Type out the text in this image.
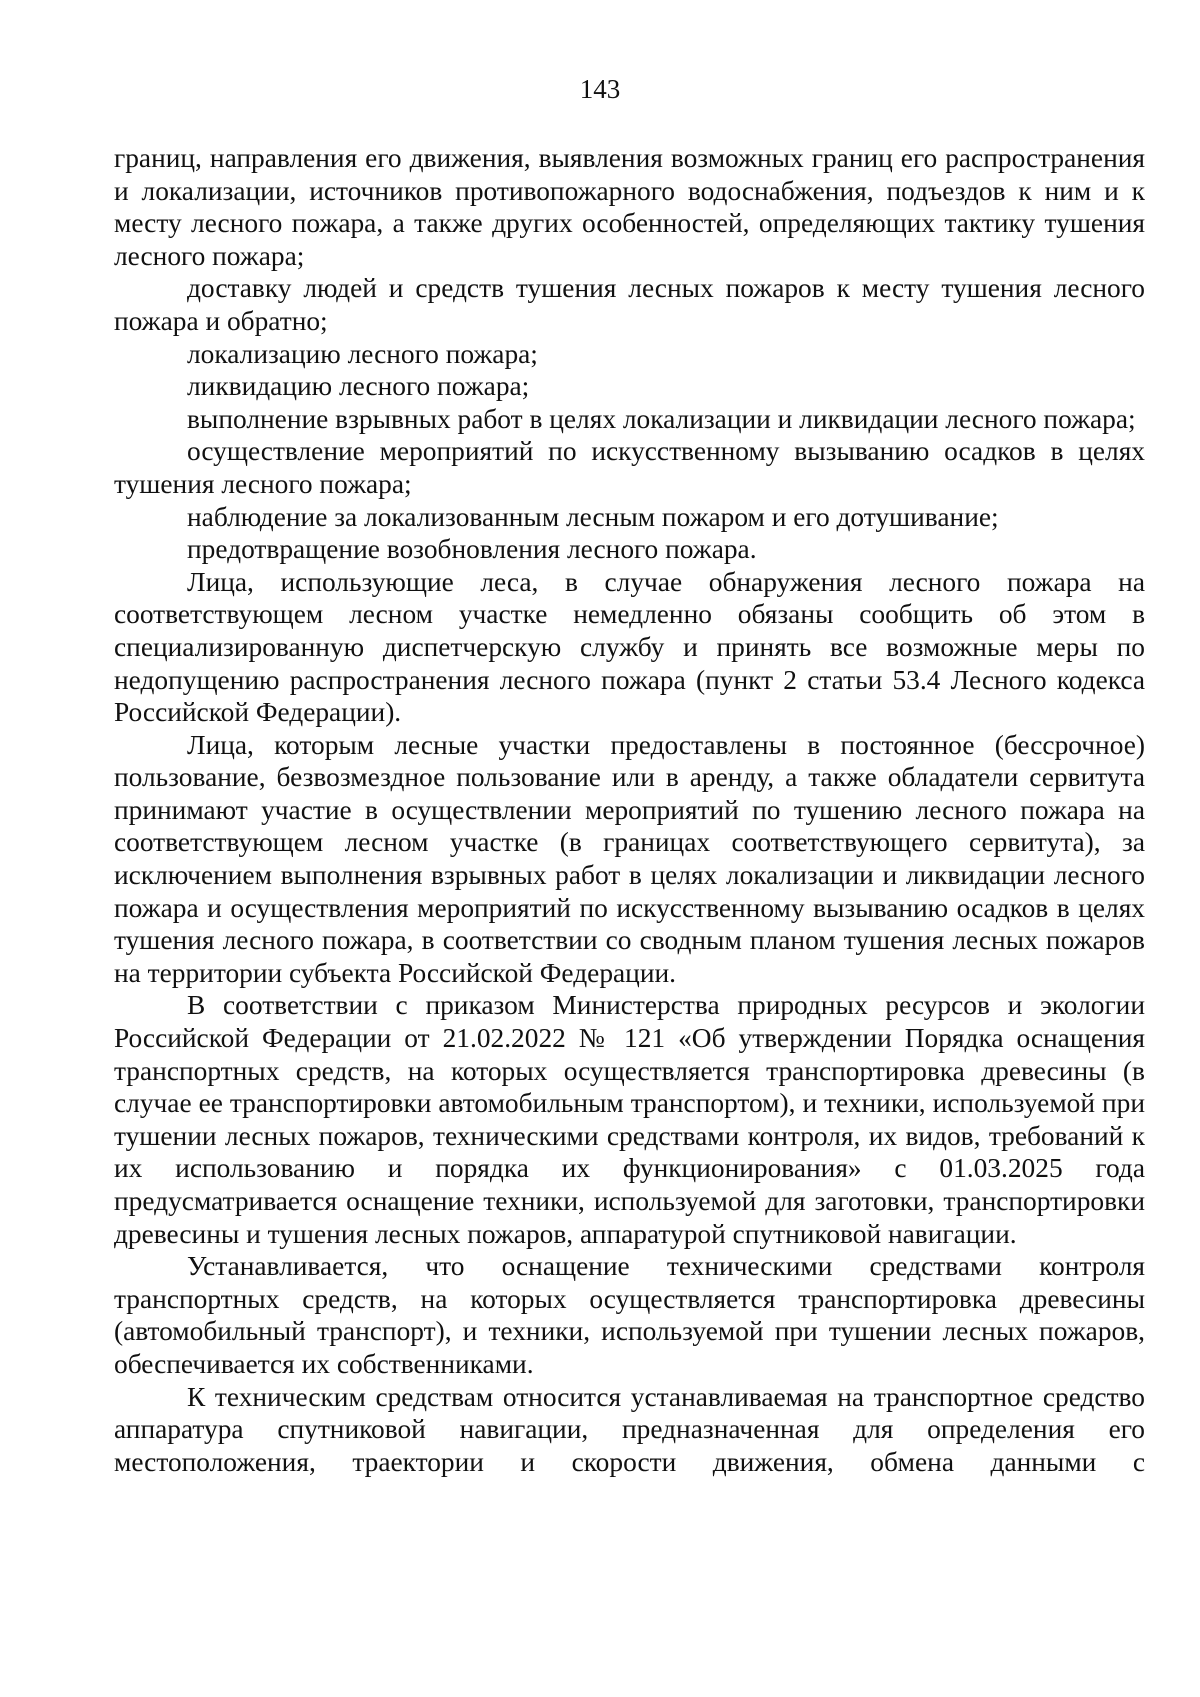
143

границ, направления его движения, выявления возможных границ его распространения и локализации, источников противопожарного водоснабжения, подъездов к ним и к месту лесного пожара, а также других особенностей, определяющих тактику тушения лесного пожара;

доставку людей и средств тушения лесных пожаров к месту тушения лесного пожара и обратно;

локализацию лесного пожара;

ликвидацию лесного пожара;

выполнение взрывных работ в целях локализации и ликвидации лесного пожара;

осуществление мероприятий по искусственному вызыванию осадков в целях тушения лесного пожара;

наблюдение за локализованным лесным пожаром и его дотушивание;

предотвращение возобновления лесного пожара.

Лица, использующие леса, в случае обнаружения лесного пожара на соответствующем лесном участке немедленно обязаны сообщить об этом в специализированную диспетчерскую службу и принять все возможные меры по недопущению распространения лесного пожара (пункт 2 статьи 53.4 Лесного кодекса Российской Федерации).

Лица, которым лесные участки предоставлены в постоянное (бессрочное) пользование, безвозмездное пользование или в аренду, а также обладатели сервитута принимают участие в осуществлении мероприятий по тушению лесного пожара на соответствующем лесном участке (в границах соответствующего сервитута), за исключением выполнения взрывных работ в целях локализации и ликвидации лесного пожара и осуществления мероприятий по искусственному вызыванию осадков в целях тушения лесного пожара, в соответствии со сводным планом тушения лесных пожаров на территории субъекта Российской Федерации.

В соответствии с приказом Министерства природных ресурсов и экологии Российской Федерации от 21.02.2022 № 121 «Об утверждении Порядка оснащения транспортных средств, на которых осуществляется транспортировка древесины (в случае ее транспортировки автомобильным транспортом), и техники, используемой при тушении лесных пожаров, техническими средствами контроля, их видов, требований к их использованию и порядка их функционирования» с 01.03.2025 года предусматривается оснащение техники, используемой для заготовки, транспортировки древесины и тушения лесных пожаров, аппаратурой спутниковой навигации.

Устанавливается, что оснащение техническими средствами контроля транспортных средств, на которых осуществляется транспортировка древесины (автомобильный транспорт), и техники, используемой при тушении лесных пожаров, обеспечивается их собственниками.

К техническим средствам относится устанавливаемая на транспортное средство аппаратура спутниковой навигации, предназначенная для определения его местоположения, траектории и скорости движения, обмена данными с
